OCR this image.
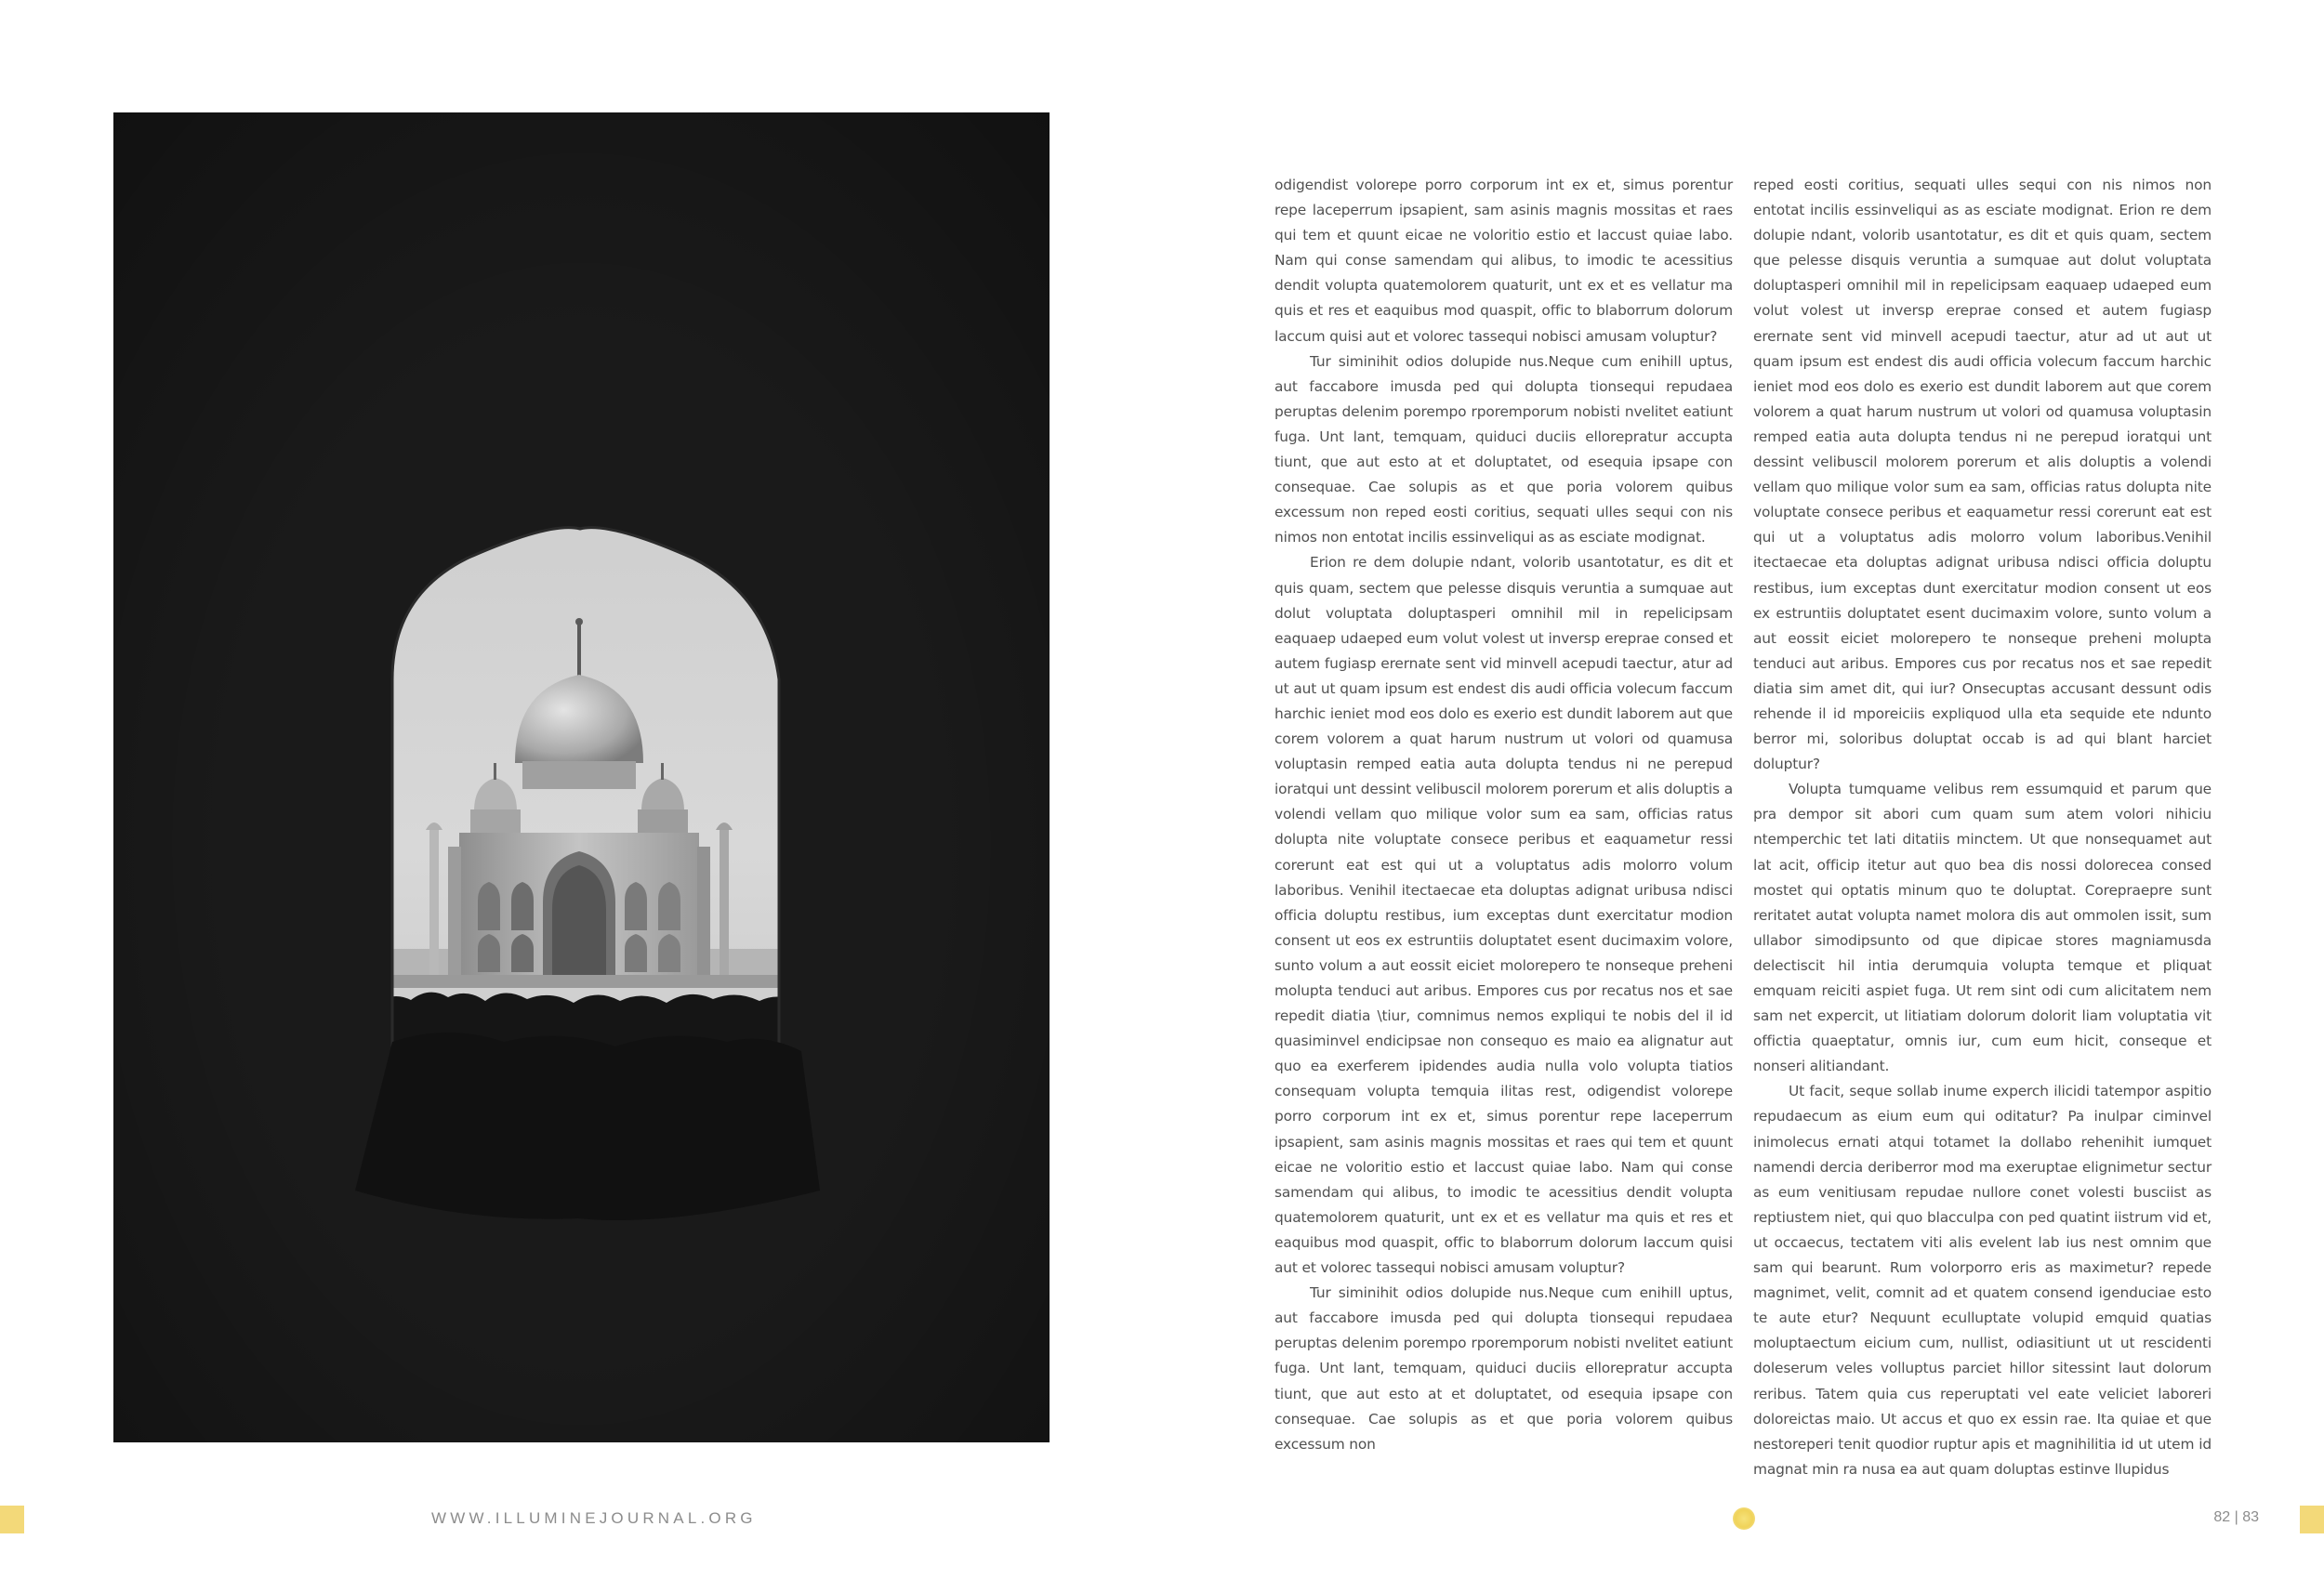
odigendist volorepe porro corporum int ex et, simus porentur repe laceperrum ipsapient, sam asinis magnis mossitas et raes qui tem et quunt eicae ne voloritio estio et laccust quiae labo. Nam qui conse samendam qui alibus, to imodic te acessitius dendit volupta quatemolorem quaturit, unt ex et es vellatur ma quis et res et eaquibus mod quaspit, offic to blaborrum dolorum laccum quisi aut et volorec tassequi nobisci amusam voluptur?

Tur siminihit odios dolupide nus.Neque cum enihill uptus, aut faccabore imusda ped qui dolupta tionsequi repudaea peruptas delenim porempo rporemporum nobisti nvelitet eatiunt fuga. Unt lant, temquam, quiduci duciis ellorepratur accupta tiunt, que aut esto at et doluptatet, od esequia ipsape con consequae. Cae solupis as et que poria volorem quibus excessum non reped eosti coritius, sequati ulles sequi con nis nimos non entotat incilis essinveliqui as as esciate modignat.

Erion re dem dolupie ndant, volorib usantotatur, es dit et quis quam, sectem que pelesse disquis veruntia a sumquae aut dolut voluptata doluptasperi omnihil mil in repelicipsam eaquaep udaeped eum volut volest ut inversp ereprae consed et autem fugiasp erernate sent vid minvell acepudi taectur, atur ad ut aut ut quam ipsum est endest dis audi officia volecum faccum harchic ieniet mod eos dolo es exerio est dundit laborem aut que corem volorem a quat harum nustrum ut volori od quamusa voluptasin remped eatia auta dolupta tendus ni ne perepud ioratqui unt dessint velibuscil molorem porerum et alis doluptis a volendi vellam quo milique volor sum ea sam, officias ratus dolupta nite voluptate consece peribus et eaquametur ressi corerunt eat est qui ut a voluptatus adis molorro volum laboribus. Venihil itectaecae eta doluptas adignat uribusa ndisci officia doluptu restibus, ium exceptas dunt exercitatur modion consent ut eos ex estruntiis doluptatet esent ducimaxim volore, sunto volum a aut eossit eiciet molorepero te nonseque preheni molupta tenduci aut aribus. Empores cus por recatus nos et sae repedit diatia \tiur, comnimus nemos expliqui te nobis del il id quasiminvel endicipsae non consequo es maio ea alignatur aut quo ea exerferem ipidendes audia nulla volo volupta tiatios consequam volupta temquia ilitas rest, odigendist volorepe porro corporum int ex et, simus porentur repe laceperrum ipsapient, sam asinis magnis mossitas et raes qui tem et quunt eicae ne voloritio estio et laccust quiae labo. Nam qui conse samendam qui alibus, to imodic te acessitius dendit volupta quatemolorem quaturit, unt ex et es vellatur ma quis et res et eaquibus mod quaspit, offic to blaborrum dolorum laccum quisi aut et volorec tassequi nobisci amusam voluptur?

Tur siminihit odios dolupide nus.Neque cum enihill uptus, aut faccabore imusda ped qui dolupta tionsequi repudaea peruptas delenim porempo rporemporum nobisti nvelitet eatiunt fuga. Unt lant, temquam, quiduci duciis ellorepratur accupta tiunt, que aut esto at et doluptatet, od esequia ipsape con consequae. Cae solupis as et que poria volorem quibus excessum non

reped eosti coritius, sequati ulles sequi con nis nimos non entotat incilis essinveliqui as as esciate modignat. Erion re dem dolupie ndant, volorib usantotatur, es dit et quis quam, sectem que pelesse disquis veruntia a sumquae aut dolut voluptata doluptasperi omnihil mil in repelicipsam eaquaep udaeped eum volut volest ut inversp ereprae consed et autem fugiasp erernate sent vid minvell acepudi taectur, atur ad ut aut ut quam ipsum est endest dis audi officia volecum faccum harchic ieniet mod eos dolo es exerio est dundit laborem aut que corem volorem a quat harum nustrum ut volori od quamusa voluptasin remped eatia auta dolupta tendus ni ne perepud ioratqui unt dessint velibuscil molorem porerum et alis doluptis a volendi vellam quo milique volor sum ea sam, officias ratus dolupta nite voluptate consece peribus et eaquametur ressi corerunt eat est qui ut a voluptatus adis molorro volum laboribus.Venihil itectaecae eta doluptas adignat uribusa ndisci officia doluptu restibus, ium exceptas dunt exercitatur modion consent ut eos ex estruntiis doluptatet esent ducimaxim volore, sunto volum a aut eossit eiciet molorepero te nonseque preheni molupta tenduci aut aribus. Empores cus por recatus nos et sae repedit diatia sim amet dit, qui iur? Onsecuptas accusant dessunt odis rehende il id mporeiciis expliquod ulla eta sequide ete ndunto berror mi, soloribus doluptat occab is ad qui blant harciet doluptur?

Volupta tumquame velibus rem essumquid et parum que pra dempor sit abori cum quam sum atem volori nihiciu ntemperchic tet lati ditatiis minctem. Ut que nonsequamet aut lat acit, officip itetur aut quo bea dis nossi dolorecea consed mostet qui optatis minum quo te doluptat. Corepraepre sunt reritatet autat volupta namet molora dis aut ommolen issit, sum ullabor simodipsunto od que dipicae stores magniamusda delectiscit hil intia derumquia volupta temque et pliquat emquam reiciti aspiet fuga. Ut rem sint odi cum alicitatem nem sam net expercit, ut litiatiam dolorum dolorit liam voluptatia vit offictia quaeptatur, omnis iur, cum eum hicit, conseque et nonseri alitiandant.

Ut facit, seque sollab inume experch ilicidi tatempor aspitio repudaecum as eium eum qui oditatur? Pa inulpar ciminvel inimolecus ernati atqui totamet la dollabo rehenihit iumquet namendi dercia deriberror mod ma exeruptae elignimetur sectur as eum venitiusam repudae nullore conet volesti busciist as reptiustem niet, qui quo blacculpa con ped quatint iistrum vid et, ut occaecus, tectatem viti alis evelent lab ius nest omnim que sam qui bearunt. Rum volorporro eris as maximetur? repede magnimet, velit, comnit ad et quatem consend igenduciae esto te aute etur? Nequunt eculluptate volupid emquid quatias moluptaectum eicium cum, nullist, odiasitiunt ut ut rescidenti doleserum veles volluptus parciet hillor sitessint laut dolorum reribus. Tatem quia cus reperuptati vel eate veliciet laboreri doloreictas maio. Ut accus et quo ex essin rae. Ita quiae et que nestoreperi tenit quodior ruptur apis et magnihilitia id ut utem id magnat min ra nusa ea aut quam doluptas estinve llupidus

WWW.ILLUMINEJOURNAL.ORG	82 | 83
